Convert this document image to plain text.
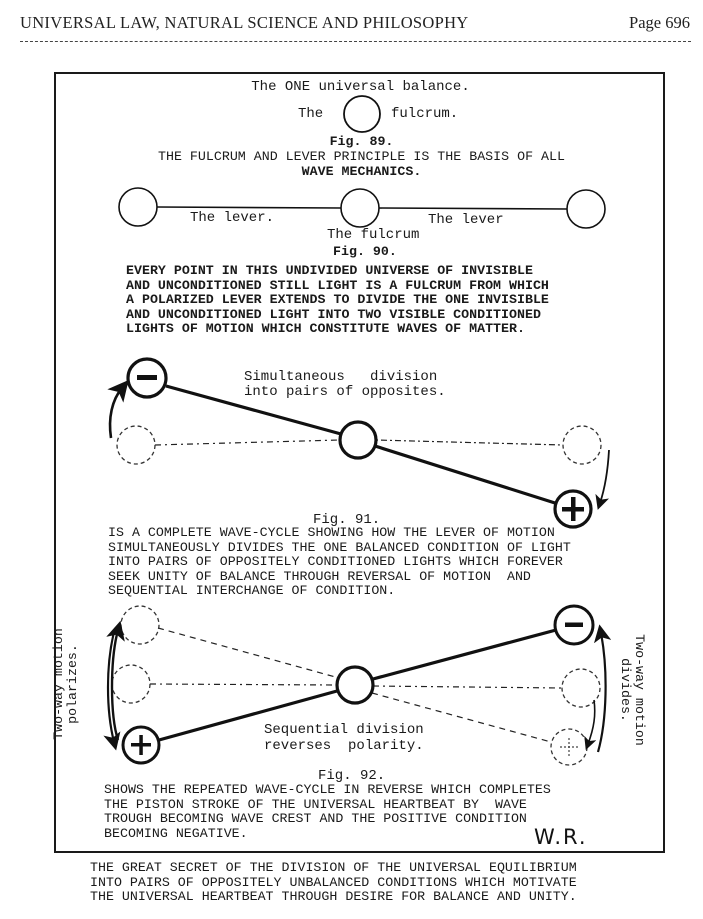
UNIVERSAL LAW, NATURAL SCIENCE AND PHILOSOPHY	Page 696
The ONE universal balance.
The	fulcrum.
Fig. 89.
THE FULCRUM AND LEVER PRINCIPLE IS THE BASIS OF ALL
WAVE MECHANICS.
The lever.	The lever
The fulcrum
Fig. 90.
EVERY POINT IN THIS UNDIVIDED UNIVERSE OF INVISIBLE
AND UNCONDITIONED STILL LIGHT IS A FULCRUM FROM WHICH
A POLARIZED LEVER EXTENDS TO DIVIDE THE ONE INVISIBLE
AND UNCONDITIONED LIGHT INTO TWO VISIBLE CONDITIONED
LIGHTS OF MOTION WHICH CONSTITUTE WAVES OF MATTER.
Simultaneous   division
into pairs of opposites.
Fig. 91.
IS A COMPLETE WAVE-CYCLE SHOWING HOW THE LEVER OF MOTION
SIMULTANEOUSLY DIVIDES THE ONE BALANCED CONDITION OF LIGHT
INTO PAIRS OF OPPOSITELY CONDITIONED LIGHTS WHICH FOREVER
SEEK UNITY OF BALANCE THROUGH REVERSAL OF MOTION  AND
SEQUENTIAL INTERCHANGE OF CONDITION.
Two-way motion polarizes.	Two-way motion
divides.
Sequential division
reverses  polarity.
Fig. 92.
SHOWS THE REPEATED WAVE-CYCLE IN REVERSE WHICH COMPLETES
THE PISTON STROKE OF THE UNIVERSAL HEARTBEAT BY  WAVE
TROUGH BECOMING WAVE CREST AND THE POSITIVE CONDITION
BECOMING NEGATIVE.	W.R.
THE GREAT SECRET OF THE DIVISION OF THE UNIVERSAL EQUILIBRIUM
INTO PAIRS OF OPPOSITELY UNBALANCED CONDITIONS WHICH MOTIVATE
THE UNIVERSAL HEARTBEAT THROUGH DESIRE FOR BALANCE AND UNITY.
